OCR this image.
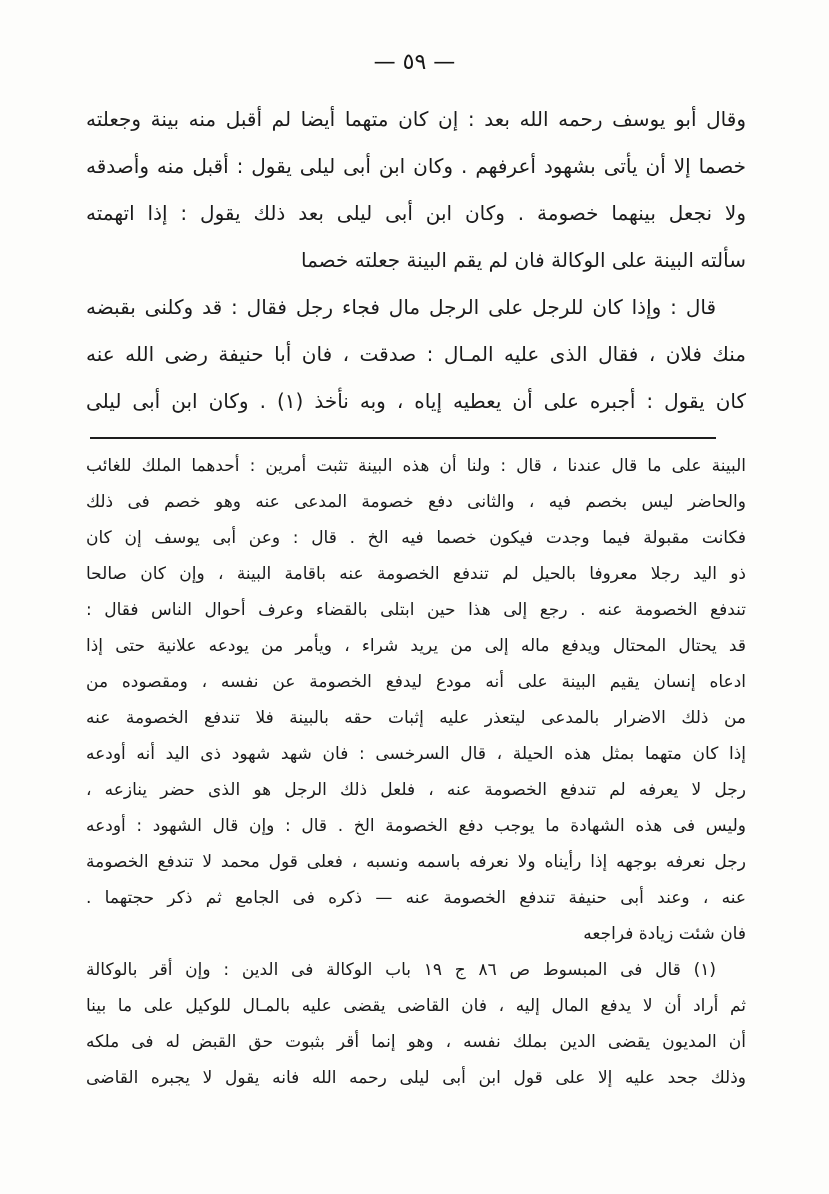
— ٥٩ —
وقال أبو يوسف رحمه الله بعد : إن كان متهما أيضا لم أقبل منه بينة وجعلته
خصما إلا أن يأتى بشهود أعرفهم . وكان ابن أبى ليلى يقول : أقبل منه وأصدقه
ولا نجعل بينهما خصومة . وكان ابن أبى ليلى بعد ذلك يقول : إذا اتهمته
سألته البينة على الوكالة فان لم يقم البينة جعلته خصما
قال : وإذا كان للرجل على الرجل مال فجاء رجل فقال : قد وكلنى بقبضه
منك فلان ، فقال الذى عليه المـال : صدقت ، فان أبا حنيفة رضى الله عنه
كان يقول : أجبره على أن يعطيه إياه ، وبه نأخذ (١) . وكان ابن أبى ليلى
البينة على ما قال عندنا ، قال : ولنا أن هذه البينة تثبت أمرين : أحدهما الملك للغائب
والحاضر ليس بخصم فيه ، والثانى دفع خصومة المدعى عنه وهو خصم فى ذلك
فكانت مقبولة فيما وجدت فيكون خصما فيه الخ . قال : وعن أبى يوسف إن كان
ذو اليد رجلا معروفا بالحيل لم تندفع الخصومة عنه باقامة البينة ، وإن كان صالحا
تندفع الخصومة عنه . رجع إلى هذا حين ابتلى بالقضاء وعرف أحوال الناس فقال :
قد يحتال المحتال ويدفع ماله إلى من يريد شراء ، ويأمر من يودعه علانية حتى إذا
ادعاه إنسان يقيم البينة على أنه مودع ليدفع الخصومة عن نفسه ، ومقصوده من
من ذلك الاضرار بالمدعى ليتعذر عليه إثبات حقه بالبينة فلا تندفع الخصومة عنه
إذا كان متهما بمثل هذه الحيلة ، قال السرخسى : فان شهد شهود ذى اليد أنه أودعه
رجل لا يعرفه لم تندفع الخصومة عنه ، فلعل ذلك الرجل هو الذى حضر ينازعه ،
وليس فى هذه الشهادة ما يوجب دفع الخصومة الخ . قال : وإن قال الشهود : أودعه
رجل نعرفه بوجهه إذا رأيناه ولا نعرفه باسمه ونسبه ، فعلى قول محمد لا تندفع الخصومة
عنه ، وعند أبى حنيفة تندفع الخصومة عنه — ذكره فى الجامع ثم ذكر حجتهما .
فان شئت زيادة فراجعه
(١) قال فى المبسوط ص ٨٦ ج ١٩ باب الوكالة فى الدين : وإن أقر بالوكالة
ثم أراد أن لا يدفع المال إليه ، فان القاضى يقضى عليه بالمـال للوكيل على ما بينا
أن المديون يقضى الدين بملك نفسه ، وهو إنما أقر بثبوت حق القبض له فى ملكه
وذلك جحد عليه إلا على قول ابن أبى ليلى رحمه الله فانه يقول لا يجبره القاضى
